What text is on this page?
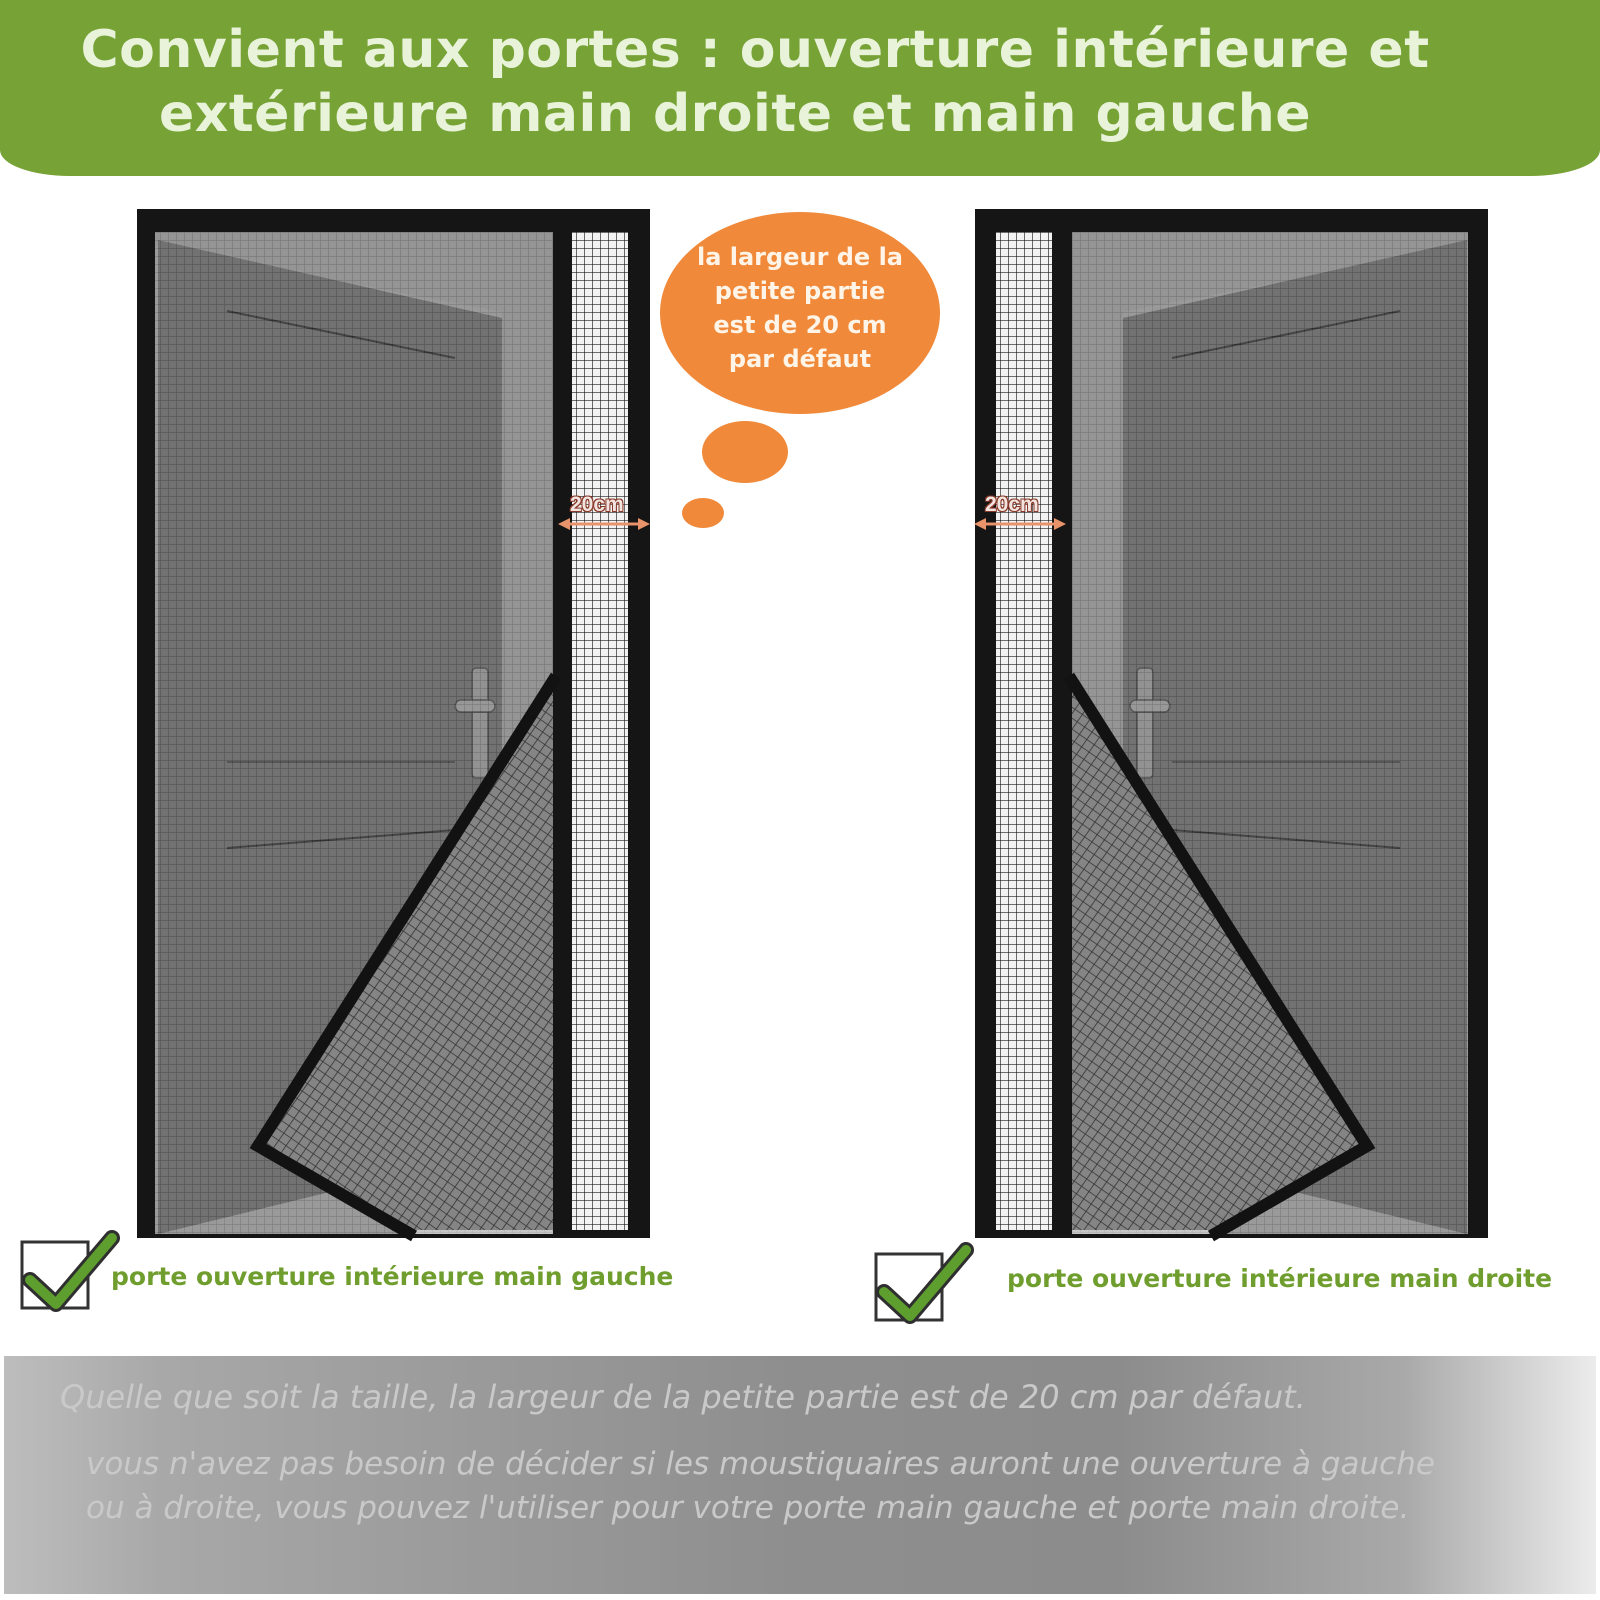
Convient aux portes : ouverture intérieure et
extérieure main droite et main gauche
20cm	20cm
la largeur de la
petite partie
est de 20 cm
par défaut
porte ouverture intérieure main gauche	porte ouverture intérieure main droite
Quelle que soit la taille, la largeur de la petite partie est de 20 cm par défaut.
vous n'avez pas besoin de décider si les moustiquaires auront une ouverture à gauche
ou à droite, vous pouvez l'utiliser pour votre porte main gauche et porte main droite.
